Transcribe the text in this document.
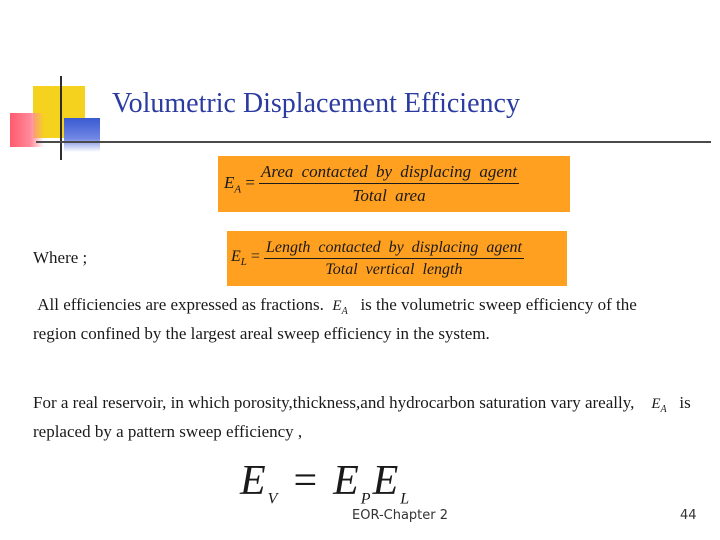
Volumetric Displacement Efficiency
$E_A = \frac{\text{Area contacted by displacing agent}}{\text{Total area}}$
$E_L = \frac{\text{Length contacted by displacing agent}}{\text{Total vertical length}}$
Where ;
All efficiencies are expressed as fractions. $E_A$ is the volumetric sweep efficiency of the region confined by the largest areal sweep efficiency in the system.
For a real reservoir, in which porosity,thickness,and hydrocarbon saturation vary areally, $E_A$ is replaced by a pattern sweep efficiency ,
$E_V = E_PE_L$
EOR-Chapter 2	44
